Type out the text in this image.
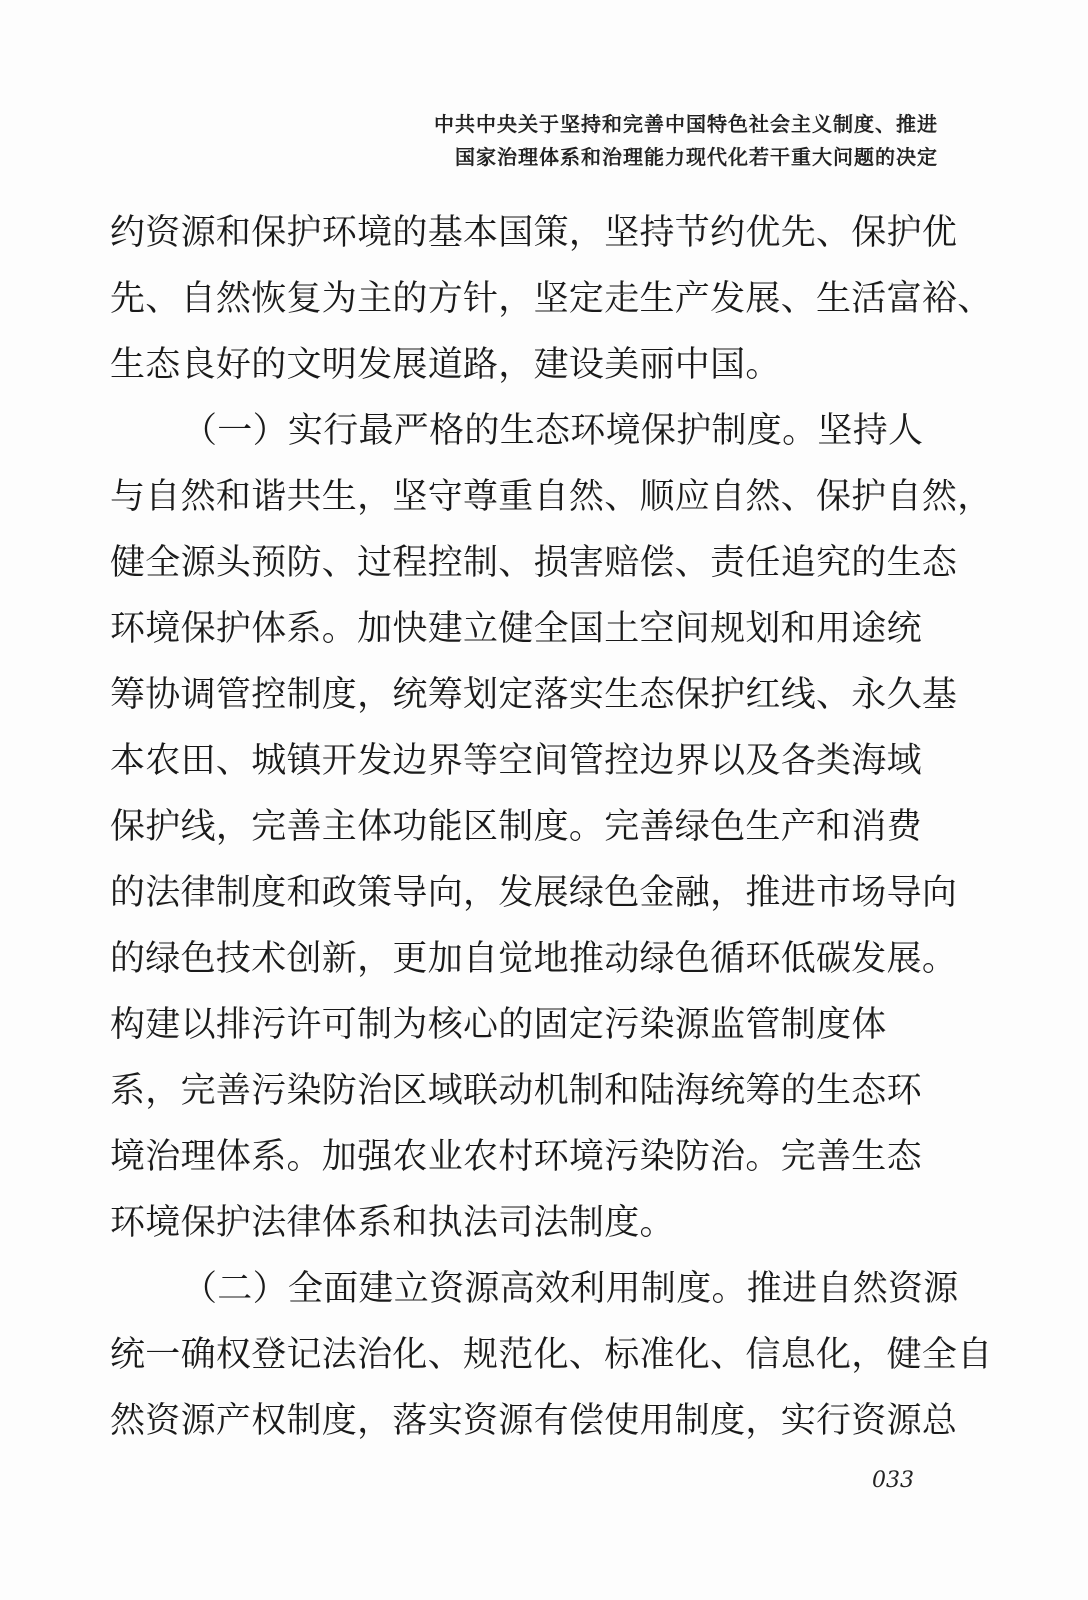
中共中央关于坚持和完善中国特色社会主义制度、推进
国家治理体系和治理能力现代化若干重大问题的决定
约资源和保护环境的基本国策，坚持节约优先、保护优
先、自然恢复为主的方针，坚定走生产发展、生活富裕、
生态良好的文明发展道路，建设美丽中国。
（一）实行最严格的生态环境保护制度。坚持人
与自然和谐共生，坚守尊重自然、顺应自然、保护自然，
健全源头预防、过程控制、损害赔偿、责任追究的生态
环境保护体系。加快建立健全国土空间规划和用途统
筹协调管控制度，统筹划定落实生态保护红线、永久基
本农田、城镇开发边界等空间管控边界以及各类海域
保护线，完善主体功能区制度。完善绿色生产和消费
的法律制度和政策导向，发展绿色金融，推进市场导向
的绿色技术创新，更加自觉地推动绿色循环低碳发展。
构建以排污许可制为核心的固定污染源监管制度体
系，完善污染防治区域联动机制和陆海统筹的生态环
境治理体系。加强农业农村环境污染防治。完善生态
环境保护法律体系和执法司法制度。
（二）全面建立资源高效利用制度。推进自然资源
统一确权登记法治化、规范化、标准化、信息化，健全自
然资源产权制度，落实资源有偿使用制度，实行资源总
033
